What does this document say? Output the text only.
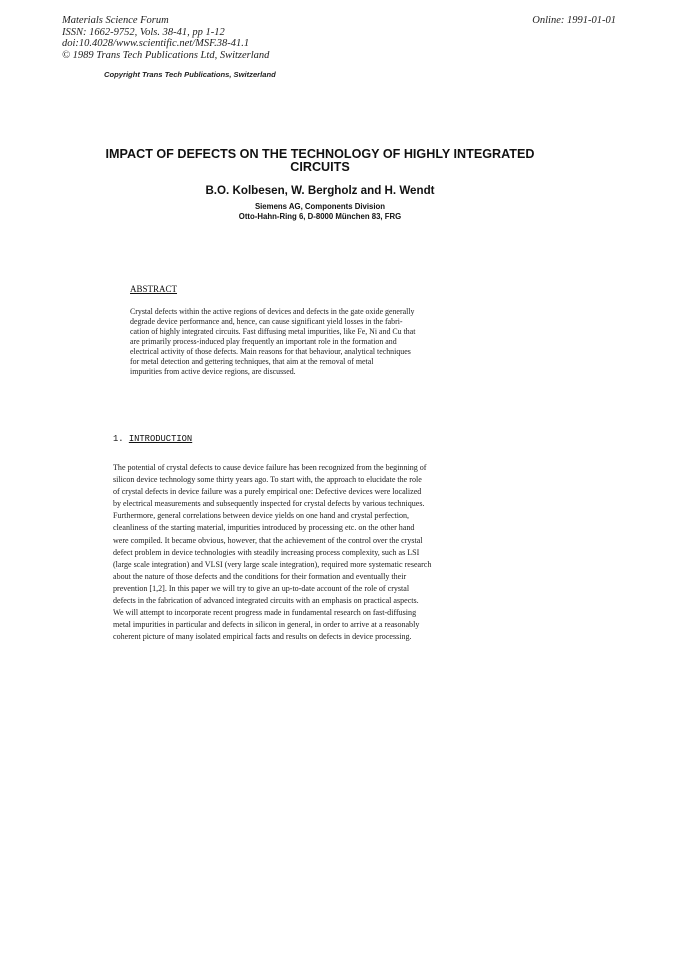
Materials Science Forum
ISSN: 1662-9752, Vols. 38-41, pp 1-12
doi:10.4028/www.scientific.net/MSF.38-41.1
© 1989 Trans Tech Publications Ltd, Switzerland
Online: 1991-01-01
Copyright Trans Tech Publications, Switzerland
IMPACT OF DEFECTS ON THE TECHNOLOGY OF HIGHLY INTEGRATED
CIRCUITS
B.O. Kolbesen, W. Bergholz and H. Wendt
Siemens AG, Components Division
Otto-Hahn-Ring 6, D-8000 München 83, FRG
ABSTRACT
Crystal defects within the active regions of devices and defects in the gate oxide generally
degrade device performance and, hence, can cause significant yield losses in the fabri-
cation of highly integrated circuits. Fast diffusing metal impurities, like Fe, Ni and Cu that
are primarily process-induced play frequently an important role in the formation and
electrical activity of those defects. Main reasons for that behaviour, analytical techniques
for metal detection and gettering techniques, that aim at the removal of metal
impurities from active device regions, are discussed.
1. INTRODUCTION
The potential of crystal defects to cause device failure has been recognized from the beginning of
silicon device technology some thirty years ago. To start with, the approach to elucidate the role
of crystal defects in device failure was a purely empirical one: Defective devices were localized
by electrical measurements and subsequently inspected for crystal defects by various techniques.
Furthermore, general correlations between device yields on one hand and crystal perfection,
cleanliness of the starting material, impurities introduced by processing etc. on the other hand
were compiled. It became obvious, however, that the achievement of the control over the crystal
defect problem in device technologies with steadily increasing process complexity, such as LSI
(large scale integration) and VLSI (very large scale integration), required more systematic research
about the nature of those defects and the conditions for their formation and eventually their
prevention [1,2]. In this paper we will try to give an up-to-date account of the role of crystal
defects in the fabrication of advanced integrated circuits with an emphasis on practical aspects.
We will attempt to incorporate recent progress made in fundamental research on fast-diffusing
metal impurities in particular and defects in silicon in general, in order to arrive at a reasonably
coherent picture of many isolated empirical facts and results on defects in device processing.
